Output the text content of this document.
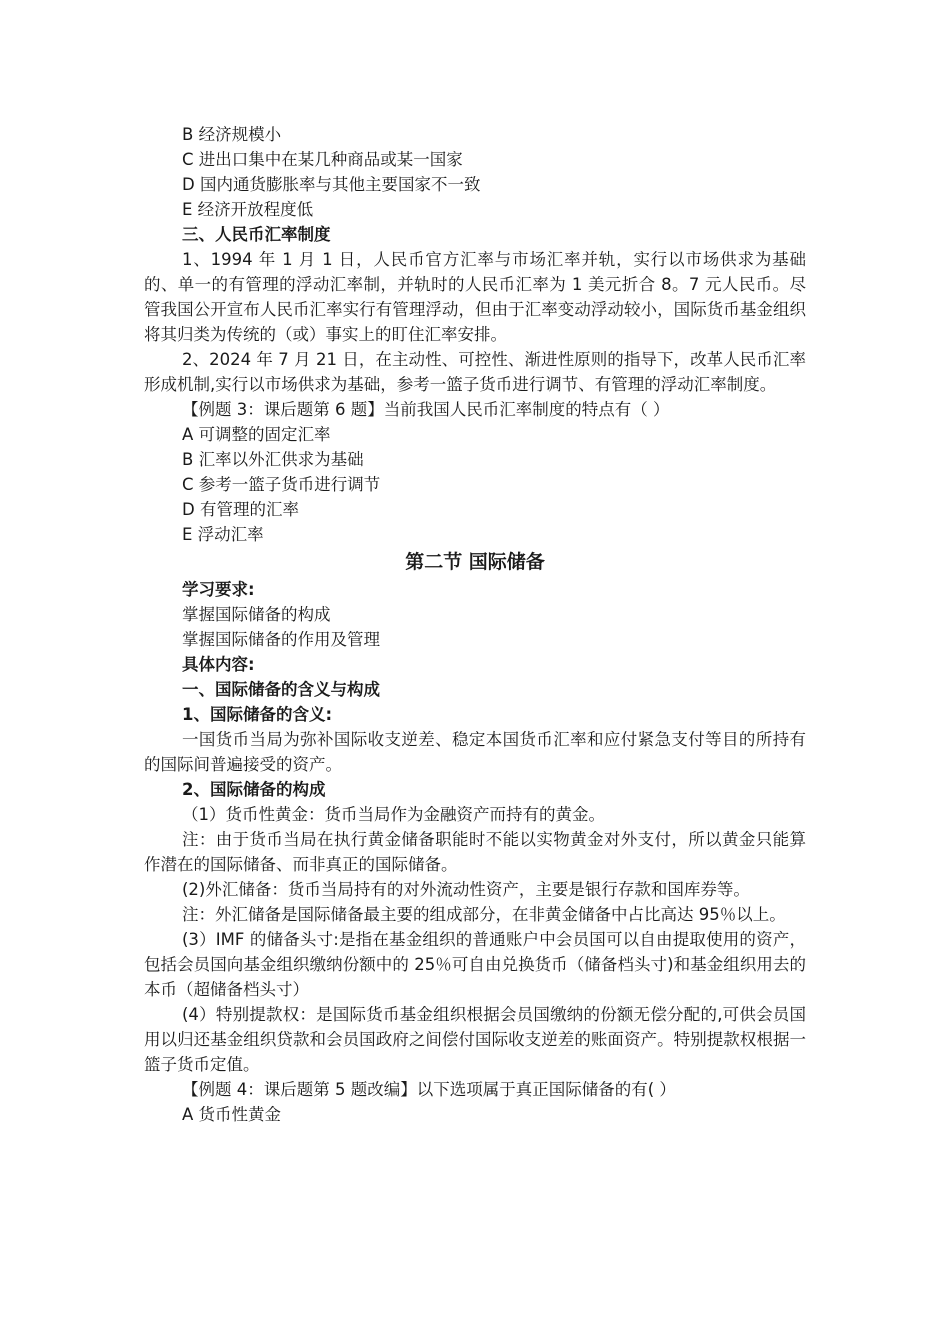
B 经济规模小

C 进出口集中在某几种商品或某一国家

D 国内通货膨胀率与其他主要国家不一致

E 经济开放程度低

三、人民币汇率制度

1、1994 年 1 月 1 日，人民币官方汇率与市场汇率并轨，实行以市场供求为基础的、单一的有管理的浮动汇率制，并轨时的人民币汇率为 1 美元折合 8。7 元人民币。尽管我国公开宣布人民币汇率实行有管理浮动，但由于汇率变动浮动较小，国际货币基金组织将其归类为传统的（或）事实上的盯住汇率安排。

2、2024 年 7 月 21 日，在主动性、可控性、渐进性原则的指导下，改革人民币汇率形成机制,实行以市场供求为基础，参考一篮子货币进行调节、有管理的浮动汇率制度。

【例题 3：课后题第 6 题】当前我国人民币汇率制度的特点有（ ）

A 可调整的固定汇率

B 汇率以外汇供求为基础

C 参考一篮子货币进行调节

D 有管理的汇率

E 浮动汇率

第二节 国际储备

学习要求:

掌握国际储备的构成

掌握国际储备的作用及管理

具体内容:

一、国际储备的含义与构成

1、国际储备的含义:

一国货币当局为弥补国际收支逆差、稳定本国货币汇率和应付紧急支付等目的所持有的国际间普遍接受的资产。

2、国际储备的构成

（1）货币性黄金：货币当局作为金融资产而持有的黄金。

注：由于货币当局在执行黄金储备职能时不能以实物黄金对外支付，所以黄金只能算作潜在的国际储备、而非真正的国际储备。

(2)外汇储备：货币当局持有的对外流动性资产，主要是银行存款和国库券等。

注：外汇储备是国际储备最主要的组成部分，在非黄金储备中占比高达 95％以上。

(3）IMF 的储备头寸:是指在基金组织的普通账户中会员国可以自由提取使用的资产，包括会员国向基金组织缴纳份额中的 25％可自由兑换货币（储备档头寸)和基金组织用去的本币（超储备档头寸）

(4）特别提款权：是国际货币基金组织根据会员国缴纳的份额无偿分配的,可供会员国用以归还基金组织贷款和会员国政府之间偿付国际收支逆差的账面资产。特别提款权根据一篮子货币定值。

【例题 4：课后题第 5 题改编】以下选项属于真正国际储备的有( ）

A 货币性黄金
